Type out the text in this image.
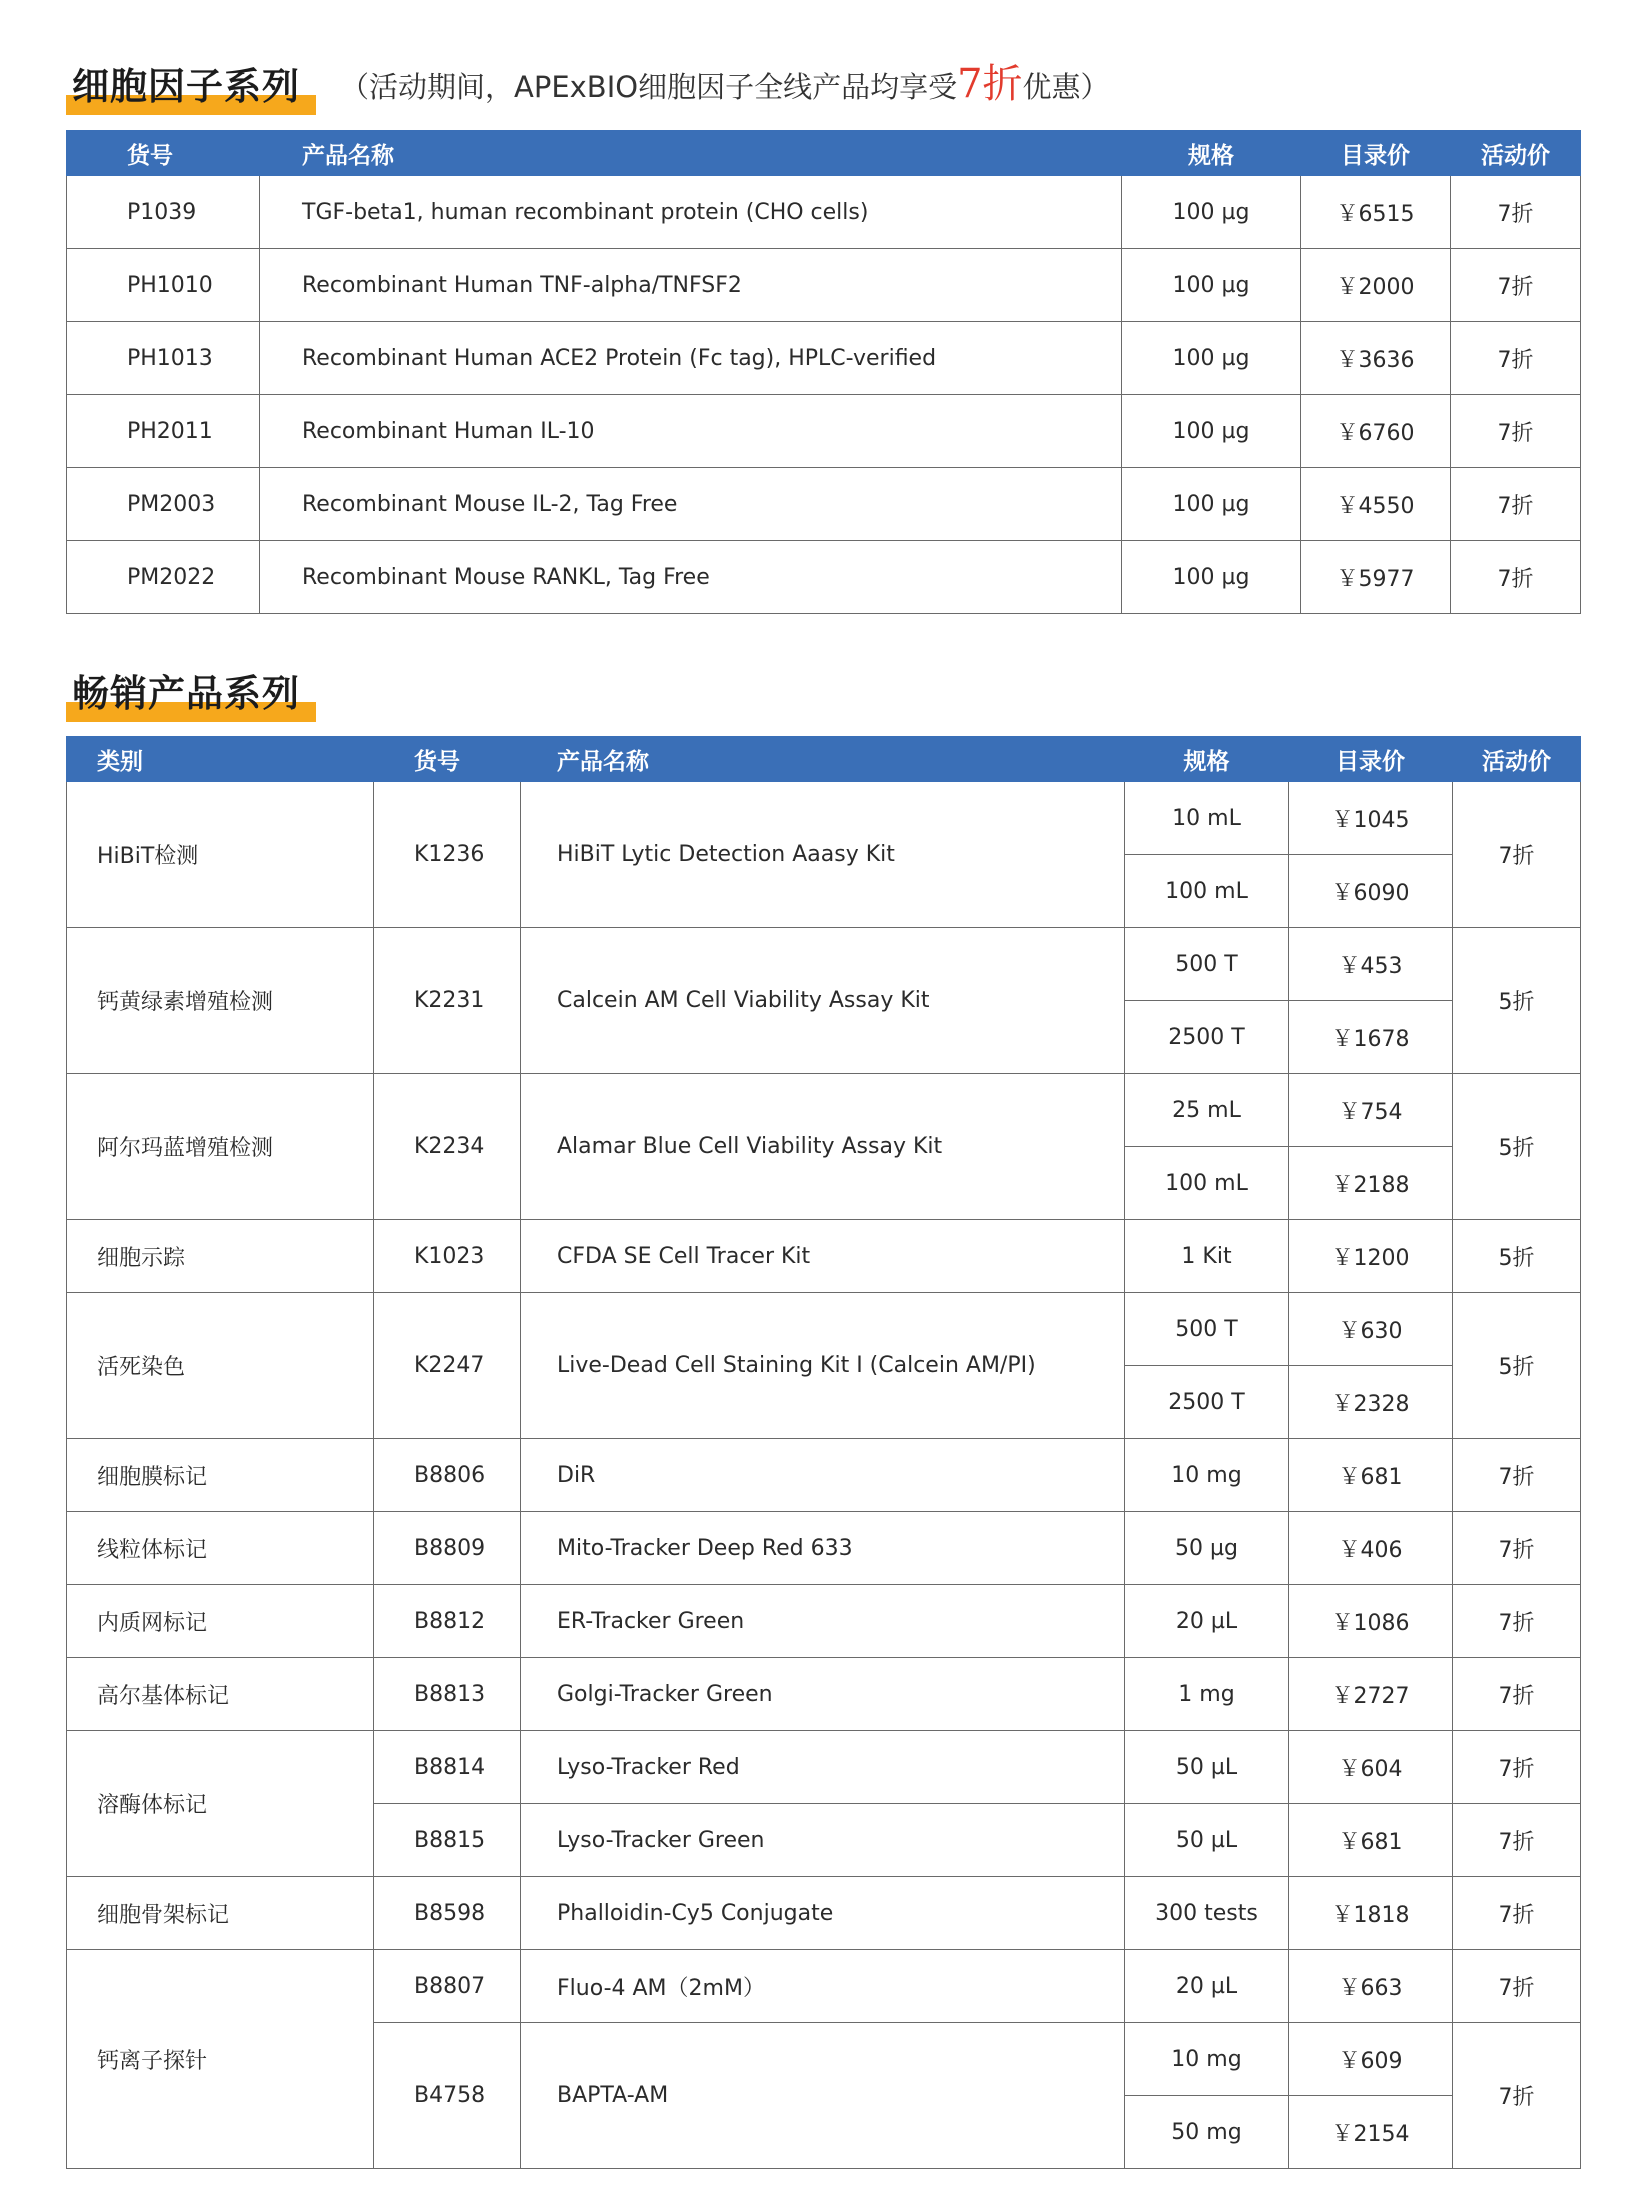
细胞因子系列	（活动期间，APExBIO细胞因子全线产品均享受7折优惠）
货号	产品名称	规格	目录价	活动价
P1039	TGF-beta1, human recombinant protein (CHO cells)	100 µg	￥6515	7折
PH1010	Recombinant Human TNF-alpha/TNFSF2	100 µg	￥2000	7折
PH1013	Recombinant Human ACE2 Protein (Fc tag), HPLC-verified	100 µg	￥3636	7折
PH2011	Recombinant Human IL-10	100 µg	￥6760	7折
PM2003	Recombinant Mouse IL-2, Tag Free	100 µg	￥4550	7折
PM2022	Recombinant Mouse RANKL, Tag Free	100 µg	￥5977	7折
畅销产品系列
类别	货号	产品名称	规格	目录价	活动价
HiBiT检测	K1236	HiBiT Lytic Detection Aaasy Kit	10 mL	￥1045	7折
			100 mL	￥6090	
钙黄绿素增殖检测	K2231	Calcein AM Cell Viability Assay Kit	500 T	￥453	5折
			2500 T	￥1678	
阿尔玛蓝增殖检测	K2234	Alamar Blue Cell Viability Assay Kit	25 mL	￥754	5折
			100 mL	￥2188	
细胞示踪	K1023	CFDA SE Cell Tracer Kit	1 Kit	￥1200	5折
活死染色	K2247	Live-Dead Cell Staining Kit I (Calcein AM/PI)	500 T	￥630	5折
			2500 T	￥2328	
细胞膜标记	B8806	DiR	10 mg	￥681	7折
线粒体标记	B8809	Mito-Tracker Deep Red 633	50 µg	￥406	7折
内质网标记	B8812	ER-Tracker Green	20 µL	￥1086	7折
高尔基体标记	B8813	Golgi-Tracker Green	1 mg	￥2727	7折
溶酶体标记	B8814	Lyso-Tracker Red	50 µL	￥604	7折
	B8815	Lyso-Tracker Green	50 µL	￥681	7折
细胞骨架标记	B8598	Phalloidin-Cy5 Conjugate	300 tests	￥1818	7折
钙离子探针	B8807	Fluo-4 AM（2mM）	20 µL	￥663	7折
	B4758	BAPTA-AM	10 mg	￥609	7折
			50 mg	￥2154	
